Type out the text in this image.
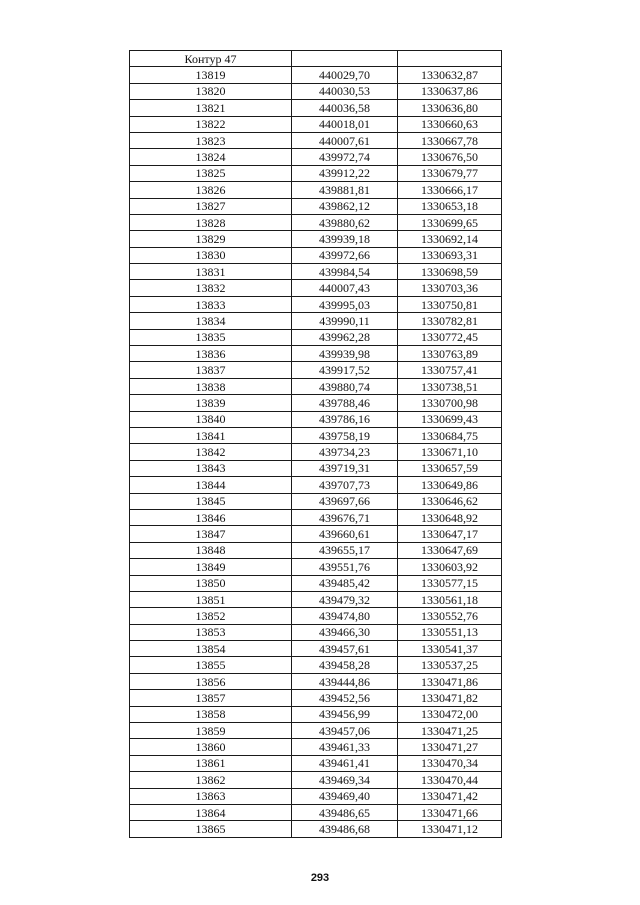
Контур 47		
13819	440029,70	1330632,87
13820	440030,53	1330637,86
13821	440036,58	1330636,80
13822	440018,01	1330660,63
13823	440007,61	1330667,78
13824	439972,74	1330676,50
13825	439912,22	1330679,77
13826	439881,81	1330666,17
13827	439862,12	1330653,18
13828	439880,62	1330699,65
13829	439939,18	1330692,14
13830	439972,66	1330693,31
13831	439984,54	1330698,59
13832	440007,43	1330703,36
13833	439995,03	1330750,81
13834	439990,11	1330782,81
13835	439962,28	1330772,45
13836	439939,98	1330763,89
13837	439917,52	1330757,41
13838	439880,74	1330738,51
13839	439788,46	1330700,98
13840	439786,16	1330699,43
13841	439758,19	1330684,75
13842	439734,23	1330671,10
13843	439719,31	1330657,59
13844	439707,73	1330649,86
13845	439697,66	1330646,62
13846	439676,71	1330648,92
13847	439660,61	1330647,17
13848	439655,17	1330647,69
13849	439551,76	1330603,92
13850	439485,42	1330577,15
13851	439479,32	1330561,18
13852	439474,80	1330552,76
13853	439466,30	1330551,13
13854	439457,61	1330541,37
13855	439458,28	1330537,25
13856	439444,86	1330471,86
13857	439452,56	1330471,82
13858	439456,99	1330472,00
13859	439457,06	1330471,25
13860	439461,33	1330471,27
13861	439461,41	1330470,34
13862	439469,34	1330470,44
13863	439469,40	1330471,42
13864	439486,65	1330471,66
13865	439486,68	1330471,12
293
